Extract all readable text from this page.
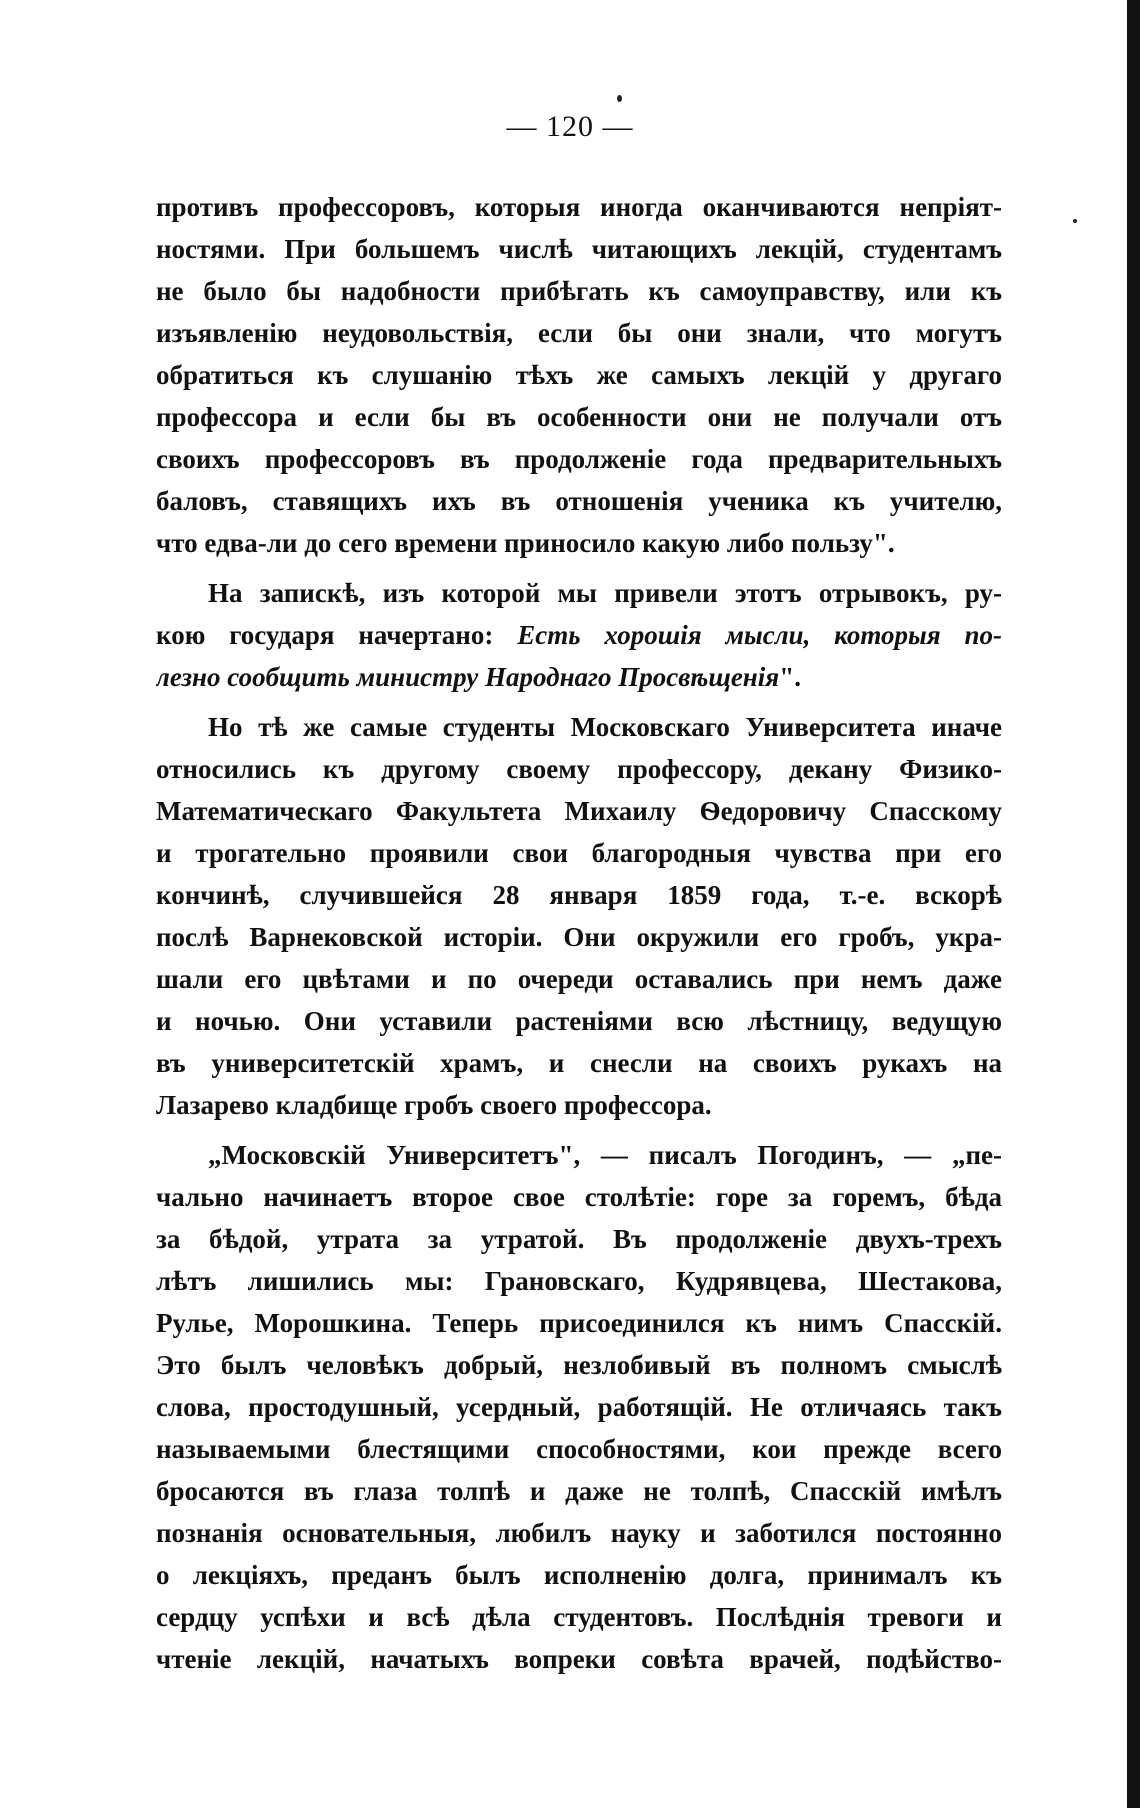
— 120 —
противъ профессоровъ, которыя иногда оканчиваются непріят-
ностями. При большемъ числѣ читающихъ лекцій, студентамъ
не было бы надобности прибѣгать къ самоуправству, или къ
изъявленію неудовольствія, если бы они знали, что могутъ
обратиться къ слушанію тѣхъ же самыхъ лекцій у другаго
профессора и если бы въ особенности они не получали отъ
своихъ профессоровъ въ продолженіе года предварительныхъ
баловъ, ставящихъ ихъ въ отношенія ученика къ учителю,
что едва-ли до сего времени приносило какую либо пользу".
На запискѣ, изъ которой мы привели этотъ отрывокъ, ру-
кою государя начертано: Есть хорошія мысли, которыя по-
лезно сообщить министру Народнаго Просвѣщенія".
Но тѣ же самые студенты Московскаго Университета иначе
относились къ другому своему профессору, декану Физико-
Математическаго Факультета Михаилу Ѳедоровичу Спасскому
и трогательно проявили свои благородныя чувства при его
кончинѣ, случившейся 28 января 1859 года, т.-е. вскорѣ
послѣ Варнековской исторіи. Они окружили его гробъ, укра-
шали его цвѣтами и по очереди оставались при немъ даже
и ночью. Они уставили растеніями всю лѣстницу, ведущую
въ университетскій храмъ, и снесли на своихъ рукахъ на
Лазарево кладбище гробъ своего профессора.
„Московскій Университетъ", — писалъ Погодинъ, — „пе-
чально начинаетъ второе свое столѣтіе: горе за горемъ, бѣда
за бѣдой, утрата за утратой. Въ продолженіе двухъ-трехъ
лѣтъ лишились мы: Грановскаго, Кудрявцева, Шестакова,
Рулье, Морошкина. Теперь присоединился къ нимъ Спасскій.
Это былъ человѣкъ добрый, незлобивый въ полномъ смыслѣ
слова, простодушный, усердный, работящій. Не отличаясь такъ
называемыми блестящими способностями, кои прежде всего
бросаются въ глаза толпѣ и даже не толпѣ, Спасскій имѣлъ
познанія основательныя, любилъ науку и заботился постоянно
о лекціяхъ, преданъ былъ исполненію долга, принималъ къ
сердцу успѣхи и всѣ дѣла студентовъ. Послѣднія тревоги и
чтеніе лекцій, начатыхъ вопреки совѣта врачей, подѣйство-
